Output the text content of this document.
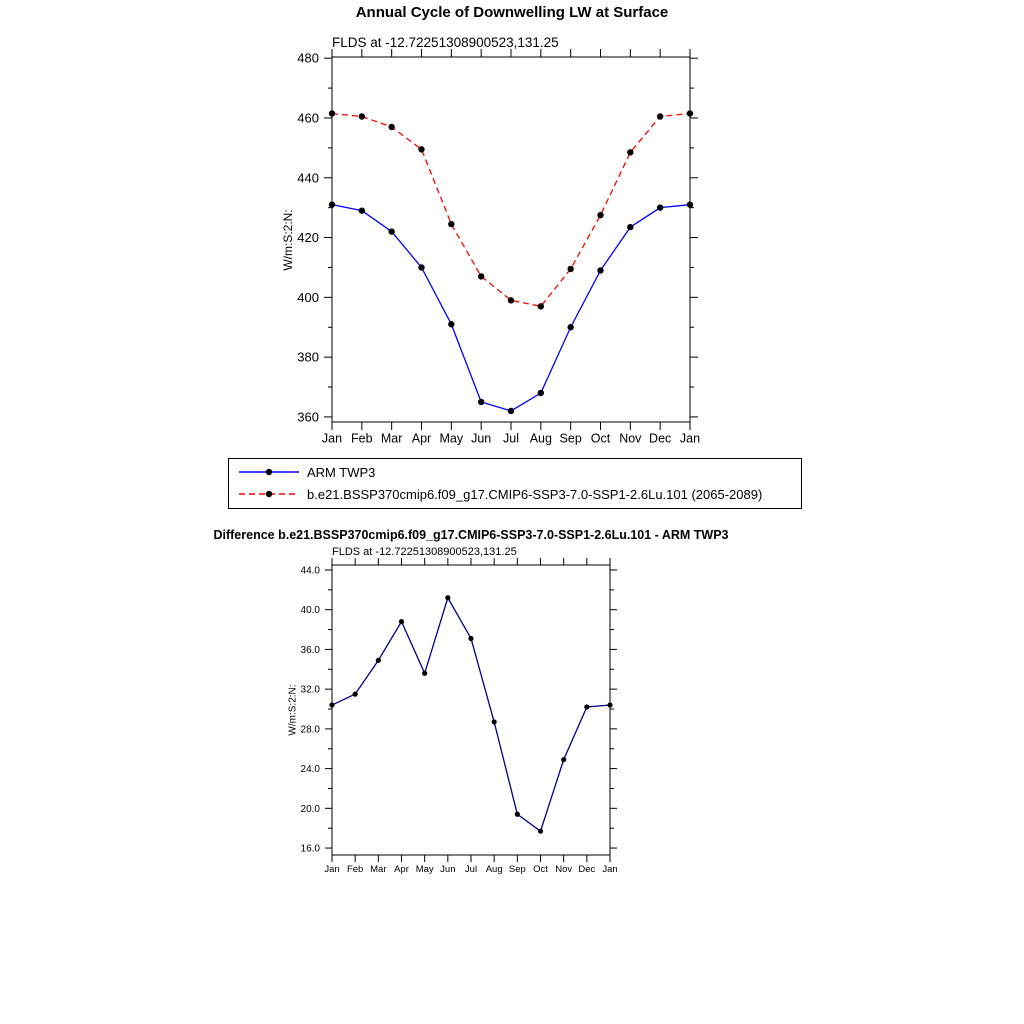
Annual Cycle of Downwelling LW at Surface
FLDS at -12.72251308900523,131.25
W/m:S:2:N:
360
380
400
420
440
460
480
Jan Feb Mar Apr May Jun Jul Aug Sep Oct Nov Dec Jan
ARM TWP3
b.e21.BSSP370cmip6.f09_g17.CMIP6-SSP3-7.0-SSP1-2.6Lu.101 (2065-2089)
Difference b.e21.BSSP370cmip6.f09_g17.CMIP6-SSP3-7.0-SSP1-2.6Lu.101 - ARM TWP3
FLDS at -12.72251308900523,131.25
W/m:S:2:N:
16.0
20.0
24.0
28.0
32.0
36.0
40.0
44.0
Jan Feb Mar Apr May Jun Jul Aug Sep Oct Nov Dec Jan
